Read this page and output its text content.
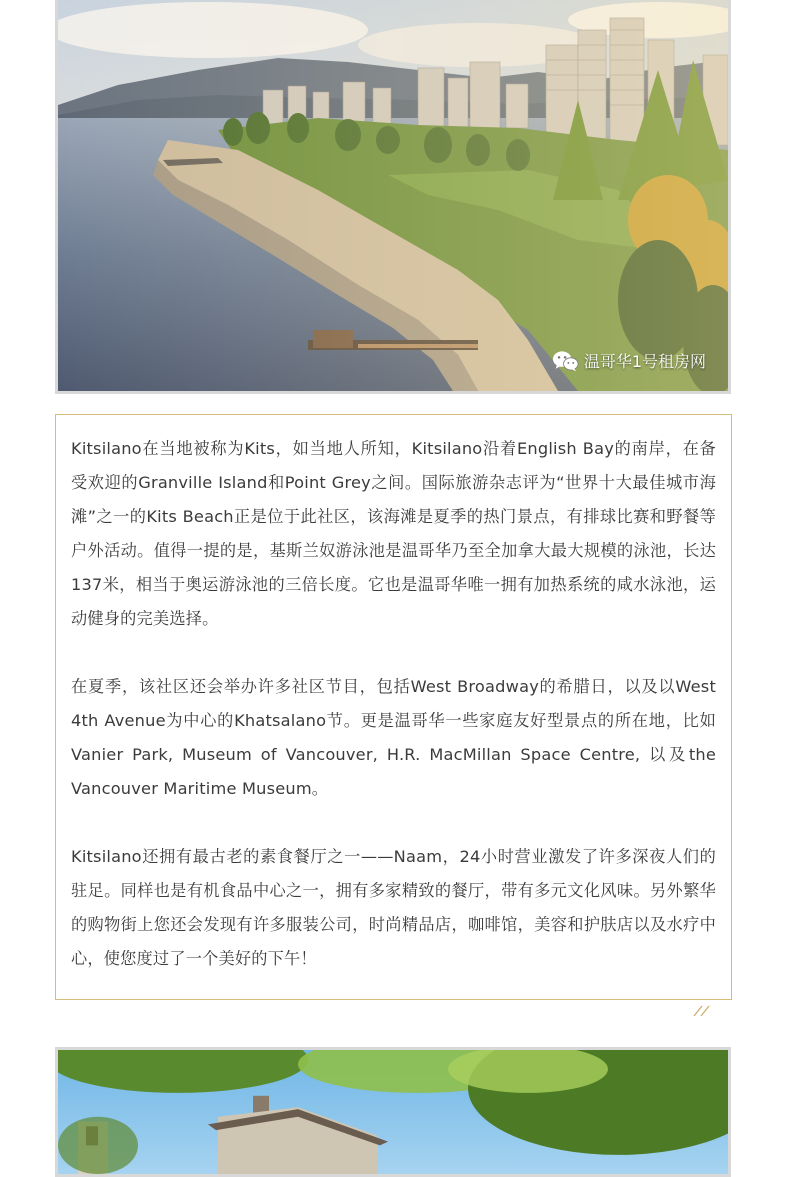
温哥华1号租房网

Kitsilano在当地被称为Kits，如当地人所知，Kitsilano沿着English Bay的南岸，在备受欢迎的Granville Island和Point Grey之间。国际旅游杂志评为“世界十大最佳城市海滩”之一的Kits Beach正是位于此社区，该海滩是夏季的热门景点，有排球比赛和野餐等户外活动。值得一提的是，基斯兰奴游泳池是温哥华乃至全加拿大最大规模的泳池，长达137米，相当于奥运游泳池的三倍长度。它也是温哥华唯一拥有加热系统的咸水泳池，运动健身的完美选择。

在夏季，该社区还会举办许多社区节目，包括West Broadway的希腊日，以及以West 4th Avenue为中心的Khatsalano节。更是温哥华一些家庭友好型景点的所在地，比如Vanier Park, Museum of Vancouver, H.R. MacMillan Space Centre, 以及the Vancouver Maritime Museum。

Kitsilano还拥有最古老的素食餐厅之一——Naam，24小时营业激发了许多深夜人们的驻足。同样也是有机食品中心之一，拥有多家精致的餐厅，带有多元文化风味。另外繁华的购物街上您还会发现有许多服装公司，时尚精品店，咖啡馆，美容和护肤店以及水疗中心，使您度过了一个美好的下午！
